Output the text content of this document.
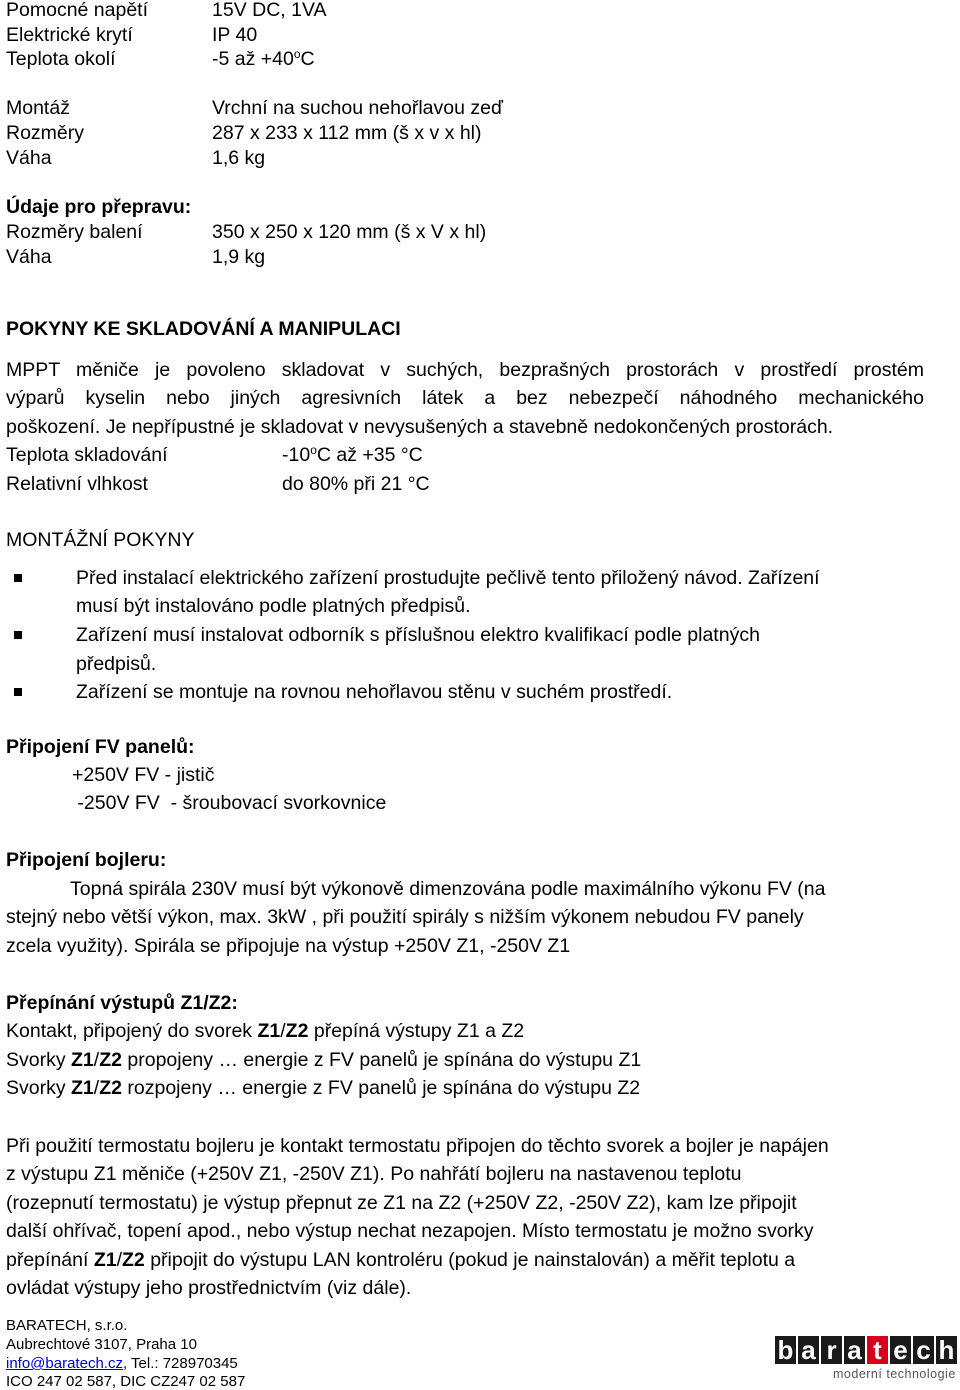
Pomocné napětí	15V DC, 1VA
Elektrické krytí	IP 40
Teplota okolí	-5 až $+40^oC$
Montáž	Vrchní na suchou nehořlavou zeď
Rozměry	287 x 233 x 112 mm (š x v x hl)
Váha	1,6 kg
Údaje pro přepravu:
Rozměry balení	350 x 250 x 120 mm (š x V x hl)
Váha	1,9 kg
POKYNY KE SKLADOVÁNÍ A MANIPULACI
MPPT měniče je povoleno skladovat v suchých, bezprašných prostorách v prostředí prostém
výparů kyselin nebo jiných agresivních látek a bez nebezpečí náhodného mechanického
poškození. Je nepřípustné je skladovat v nevysušených a stavebně nedokončených prostorách.
Teplota skladování	-10$^o$C až +35 °C
Relativní vlhkost	do 80% při 21 °C
MONTÁŽNÍ POKYNY
Před instalací elektrického zařízení prostudujte pečlivě tento přiložený návod. Zařízení
musí být instalováno podle platných předpisů.
Zařízení musí instalovat odborník s příslušnou elektro kvalifikací podle platných
předpisů.
Zařízení se montuje na rovnou nehořlavou stěnu v suchém prostředí.
Připojení FV panelů:
+250V FV - jistič
-250V FV  - šroubovací svorkovnice
Připojení bojleru:
Topná spirála 230V musí být výkonově dimenzována podle maximálního výkonu FV (na
stejný nebo větší výkon, max. 3kW , při použití spirály s nižším výkonem nebudou FV panely
zcela využity). Spirála se připojuje na výstup +250V Z1, -250V Z1
Přepínání výstupů Z1/Z2:
Kontakt, připojený do svorek Z1/Z2 přepíná výstupy Z1 a Z2
Svorky Z1/Z2 propojeny … energie z FV panelů je spínána do výstupu Z1
Svorky Z1/Z2 rozpojeny … energie z FV panelů je spínána do výstupu Z2
Při použití termostatu bojleru je kontakt termostatu připojen do těchto svorek a bojler je napájen
z výstupu Z1 měniče (+250V Z1, -250V Z1). Po nahřátí bojleru na nastavenou teplotu
(rozepnutí termostatu) je výstup přepnut ze Z1 na Z2 (+250V Z2, -250V Z2), kam lze připojit
další ohřívač, topení apod., nebo výstup nechat nezapojen. Místo termostatu je možno svorky
přepínání Z1/Z2 připojit do výstupu LAN kontroléru (pokud je nainstalován) a měřit teplotu a
ovládat výstupy jeho prostřednictvím (viz dále).
BARATECH, s.r.o.
Aubrechtové 3107, Praha 10
info@baratech.cz, Tel.: 728970345
ICO 247 02 587, DIC CZ247 02 587
b a r a t e c h
moderní technologie
